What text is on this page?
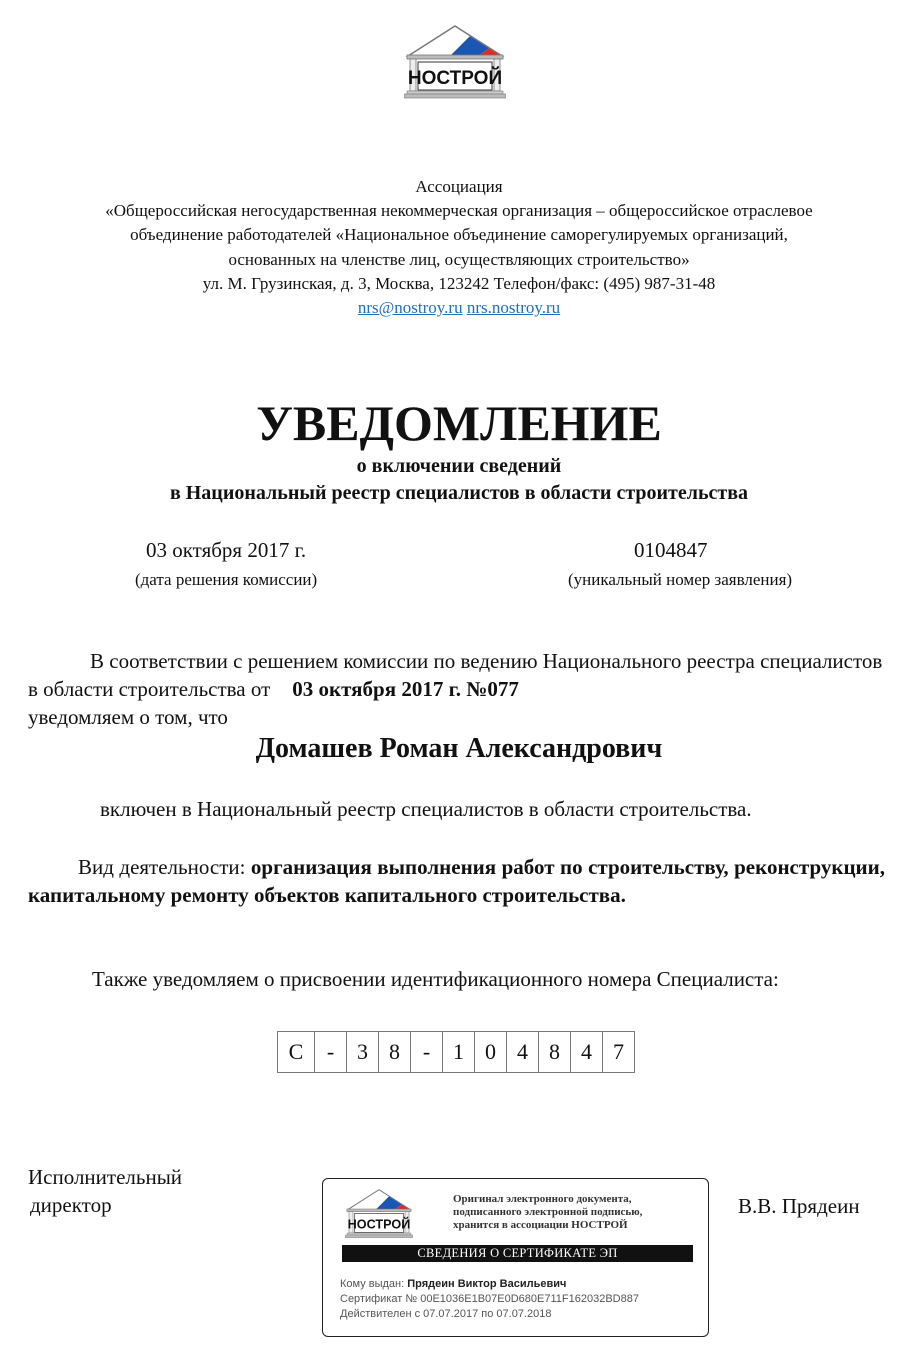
НОСТРОЙ
Ассоциация
«Общероссийская негосударственная некоммерческая организация – общероссийское отраслевое
объединение работодателей «Национальное объединение саморегулируемых организаций,
основанных на членстве лиц, осуществляющих строительство»
ул. М. Грузинская, д. 3, Москва, 123242 Телефон/факс: (495) 987-31-48
nrs@nostroy.ru nrs.nostroy.ru
УВЕДОМЛЕНИЕ
о включении сведений
в Национальный реестр специалистов в области строительства
03 октября 2017 г.
(дата решения комиссии)
0104847
(уникальный номер заявления)
В соответствии с решением комиссии по ведению Национального реестра специалистов в области строительства от 03 октября 2017 г. №077
уведомляем о том, что
Домашев Роман Александрович
включен в Национальный реестр специалистов в области строительства.
Вид деятельности: организация выполнения работ по строительству, реконструкции, капитальному ремонту объектов капитального строительства.
Также уведомляем о присвоении идентификационного номера Специалиста:
С	-	3 8	-	1 0 4 8 4 7
Исполнительный
директор	В.В. Прядеин
НОСТРОЙ
Оригинал электронного документа,
подписанного электронной подписью,
хранится в ассоциации НОСТРОЙ
СВЕДЕНИЯ О СЕРТИФИКАТЕ ЭП
Кому выдан: Прядеин Виктор Васильевич
Сертификат № 00E1036E1B07E0D680E711F162032BD887
Действителен с 07.07.2017 по 07.07.2018
